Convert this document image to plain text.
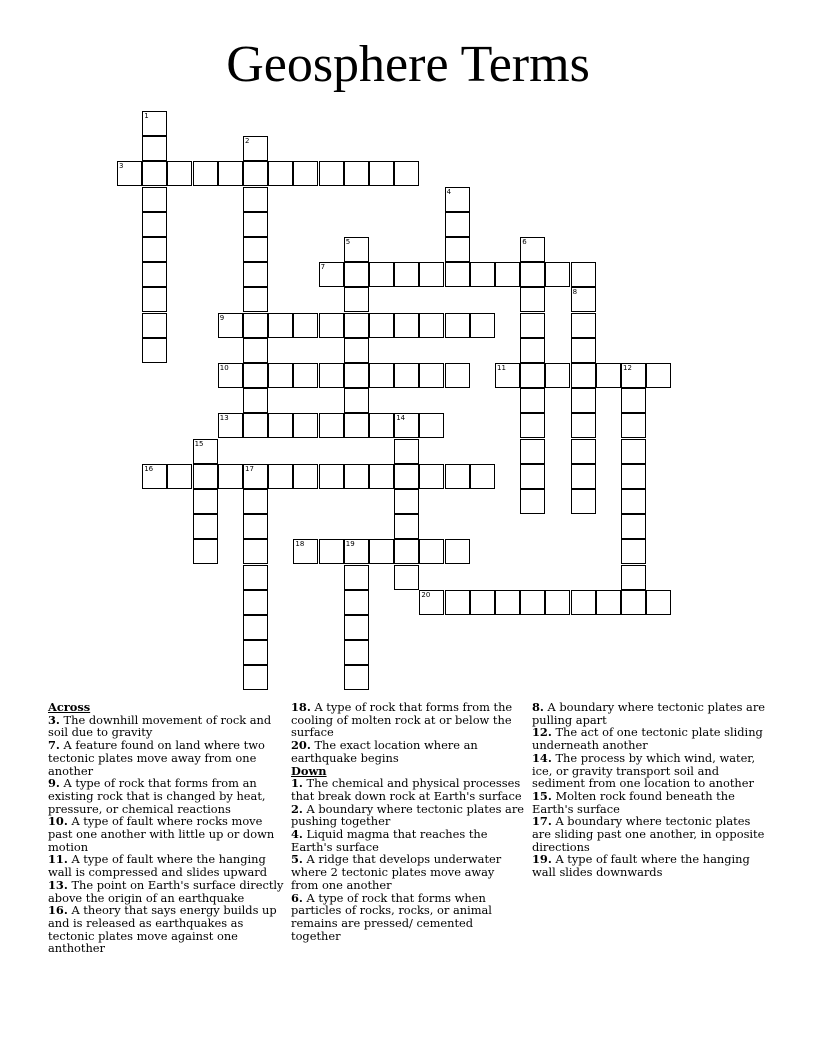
Geosphere Terms
1
2
3
4
5	6
7
8
9
10	11	12
13	14
15
16	17
18	19
20
Across
3. The downhill movement of rock and soil due to gravity
7. A feature found on land where two tectonic plates move away from one another
9. A type of rock that forms from an existing rock that is changed by heat, pressure, or chemical reactions
10. A type of fault where rocks move past one another with little up or down motion
11. A type of fault where the hanging wall is compressed and slides upward
13. The point on Earth's surface directly above the origin of an earthquake
16. A theory that says energy builds up and is released as earthquakes as tectonic plates move against one anthother
18. A type of rock that forms from the cooling of molten rock at or below the surface
20. The exact location where an earthquake begins
Down
1. The chemical and physical processes that break down rock at Earth's surface
2. A boundary where tectonic plates are pushing together
4. Liquid magma that reaches the Earth's surface
5. A ridge that develops underwater where 2 tectonic plates move away from one another
6. A type of rock that forms when particles of rocks, rocks, or animal remains are pressed/ cemented together
8. A boundary where tectonic plates are pulling apart
12. The act of one tectonic plate sliding underneath another
14. The process by which wind, water, ice, or gravity transport soil and sediment from one location to another
15. Molten rock found beneath the Earth's surface
17. A boundary where tectonic plates are sliding past one another, in opposite directions
19. A type of fault where the hanging wall slides downwards
